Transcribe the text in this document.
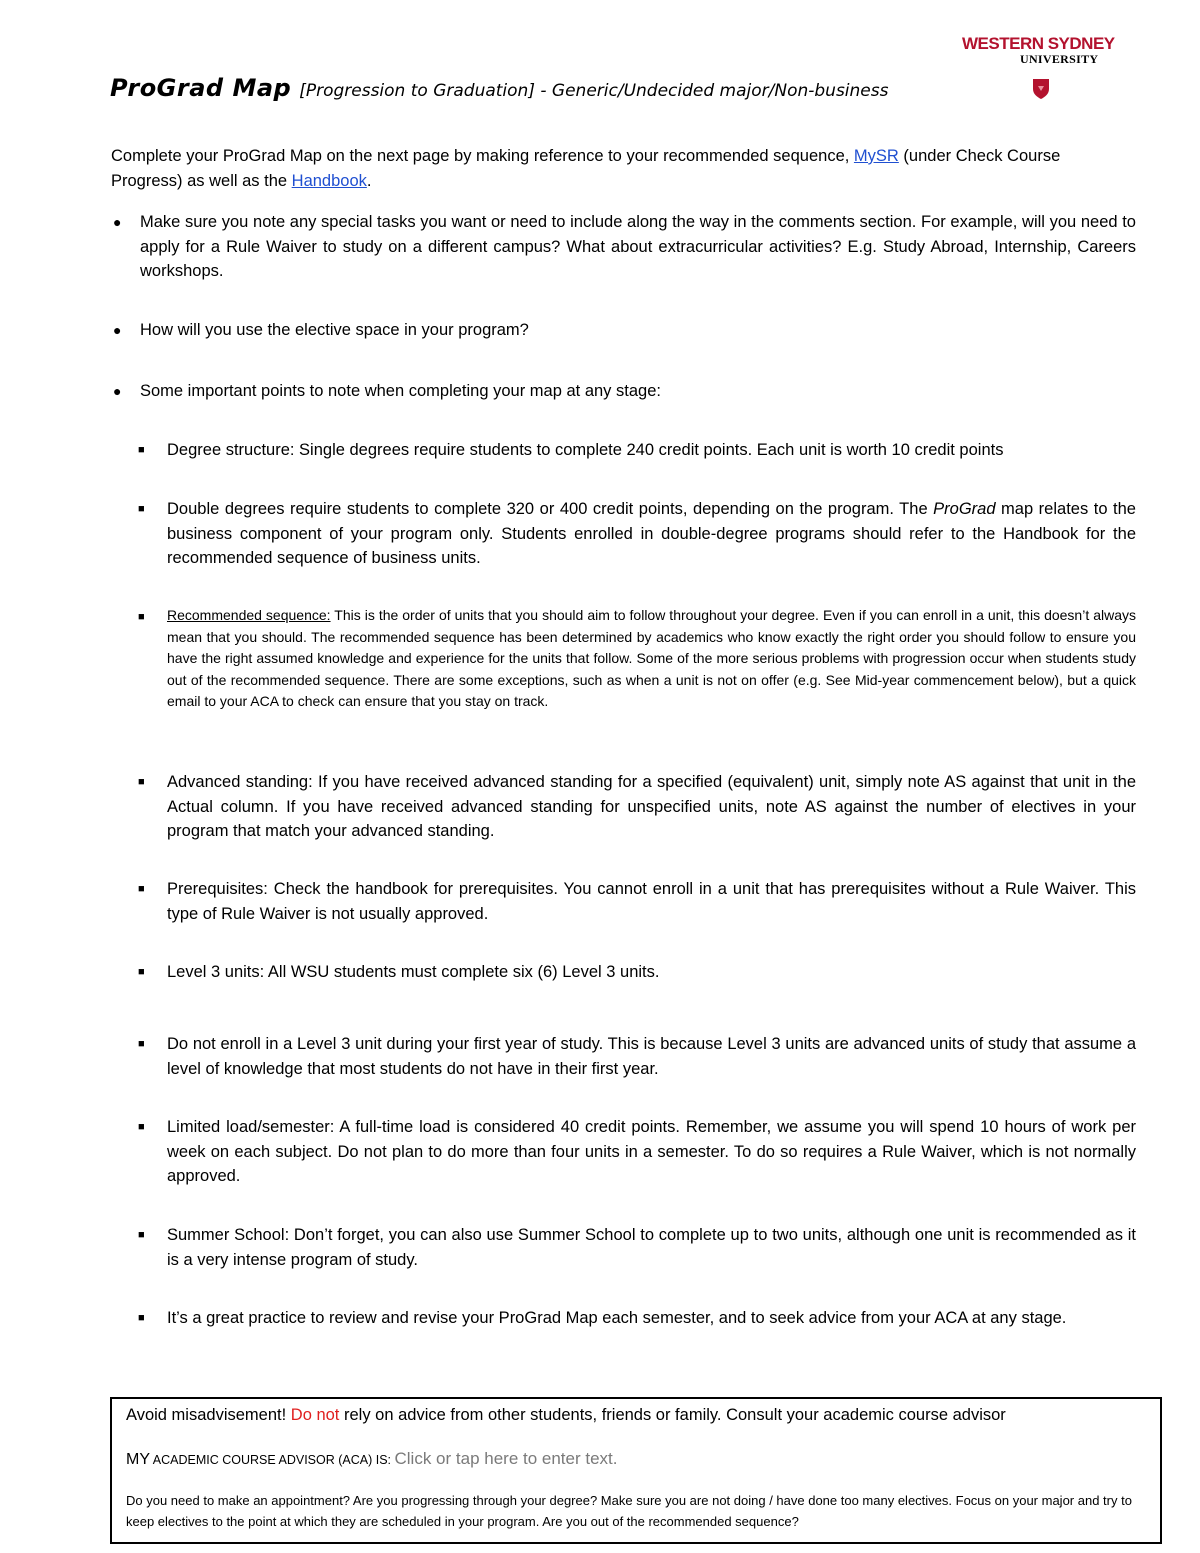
WESTERN SYDNEY
UNIVERSITY
ProGrad Map [Progression to Graduation] - Generic/Undecided major/Non-business
Complete your ProGrad Map on the next page by making reference to your recommended sequence, MySR (under Check Course Progress) as well as the Handbook.
● Make sure you note any special tasks you want or need to include along the way in the comments section. For example, will you need to apply for a Rule Waiver to study on a different campus? What about extracurricular activities? E.g. Study Abroad, Internship, Careers workshops.
● How will you use the elective space in your program?
● Some important points to note when completing your map at any stage:
■ Degree structure: Single degrees require students to complete 240 credit points. Each unit is worth 10 credit points
■ Double degrees require students to complete 320 or 400 credit points, depending on the program. The ProGrad map relates to the business component of your program only. Students enrolled in double-degree programs should refer to the Handbook for the recommended sequence of business units.
■ Recommended sequence: This is the order of units that you should aim to follow throughout your degree. Even if you can enroll in a unit, this doesn’t always mean that you should. The recommended sequence has been determined by academics who know exactly the right order you should follow to ensure you have the right assumed knowledge and experience for the units that follow. Some of the more serious problems with progression occur when students study out of the recommended sequence. There are some exceptions, such as when a unit is not on offer (e.g. See Mid-year commencement below), but a quick email to your ACA to check can ensure that you stay on track.
■ Advanced standing: If you have received advanced standing for a specified (equivalent) unit, simply note AS against that unit in the Actual column. If you have received advanced standing for unspecified units, note AS against the number of electives in your program that match your advanced standing.
■ Prerequisites: Check the handbook for prerequisites. You cannot enroll in a unit that has prerequisites without a Rule Waiver. This type of Rule Waiver is not usually approved.
■ Level 3 units: All WSU students must complete six (6) Level 3 units.
■ Do not enroll in a Level 3 unit during your first year of study. This is because Level 3 units are advanced units of study that assume a level of knowledge that most students do not have in their first year.
■ Limited load/semester: A full-time load is considered 40 credit points. Remember, we assume you will spend 10 hours of work per week on each subject. Do not plan to do more than four units in a semester. To do so requires a Rule Waiver, which is not normally approved.
■ Summer School: Don’t forget, you can also use Summer School to complete up to two units, although one unit is recommended as it is a very intense program of study.
■ It’s a great practice to review and revise your ProGrad Map each semester, and to seek advice from your ACA at any stage.
Avoid misadvisement! Do not rely on advice from other students, friends or family. Consult your academic course advisor
MY ACADEMIC COURSE ADVISOR (ACA) IS: Click or tap here to enter text.
Do you need to make an appointment? Are you progressing through your degree? Make sure you are not doing / have done too many electives. Focus on your major and try to keep electives to the point at which they are scheduled in your program. Are you out of the recommended sequence?
